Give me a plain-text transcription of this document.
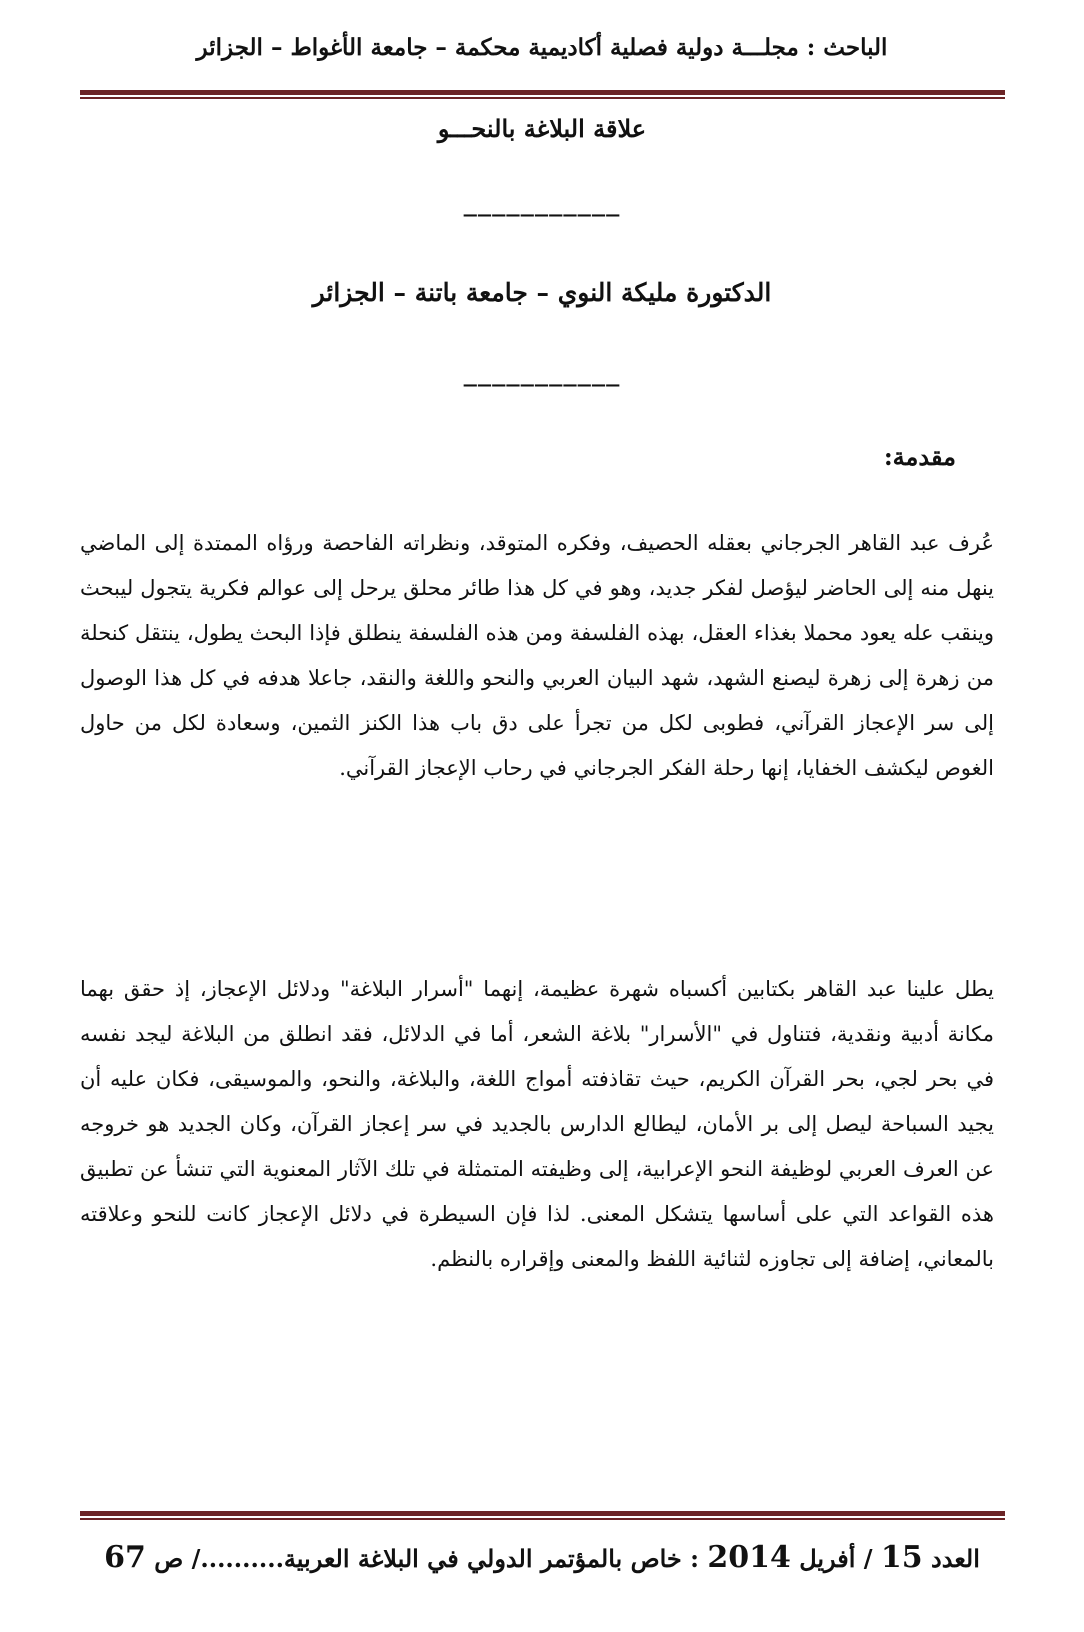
الباحث : مجلـــة دولية فصلية أكاديمية محكمة – جامعة الأغواط – الجزائر
علاقة البلاغة بالنحـــو
___________
الدكتورة مليكة النوي – جامعة باتنة – الجزائر
___________
مقدمة:

عُرف عبد القاهر الجرجاني بعقله الحصيف، وفكره المتوقد، ونظراته الفاحصة ورؤاه الممتدة إلى الماضي ينهل منه إلى الحاضر ليؤصل لفكر جديد، وهو في كل هذا طائر محلق يرحل إلى عوالم فكرية يتجول ليبحث وينقب عله يعود محملا بغذاء العقل، بهذه الفلسفة ومن هذه الفلسفة ينطلق فإذا البحث يطول، ينتقل كنحلة من زهرة إلى زهرة ليصنع الشهد، شهد البيان العربي والنحو واللغة والنقد، جاعلا هدفه في كل هذا الوصول إلى سر الإعجاز القرآني، فطوبى لكل من تجرأ على دق باب هذا الكنز الثمين، وسعادة لكل من حاول الغوص ليكشف الخفايا، إنها رحلة الفكر الجرجاني في رحاب الإعجاز القرآني.

يطل علينا عبد القاهر بكتابين أكسباه شهرة عظيمة، إنهما "أسرار البلاغة" ودلائل الإعجاز، إذ حقق بهما مكانة أدبية ونقدية، فتناول في "الأسرار" بلاغة الشعر، أما في الدلائل، فقد انطلق من البلاغة ليجد نفسه في بحر لجي، بحر القرآن الكريم، حيث تقاذفته أمواج اللغة، والبلاغة، والنحو، والموسيقى، فكان عليه أن يجيد السباحة ليصل إلى بر الأمان، ليطالع الدارس بالجديد في سر إعجاز القرآن، وكان الجديد هو خروجه عن العرف العربي لوظيفة النحو الإعرابية، إلى وظيفته المتمثلة في تلك الآثار المعنوية التي تنشأ عن تطبيق هذه القواعد التي على أساسها يتشكل المعنى. لذا فإن السيطرة في دلائل الإعجاز كانت للنحو وعلاقته بالمعاني، إضافة إلى تجاوزه لثنائية اللفظ والمعنى وإقراره بالنظم.

العدد 15 / أفريل 2014 : خاص بالمؤتمر الدولي في البلاغة العربية........../ ص 67
